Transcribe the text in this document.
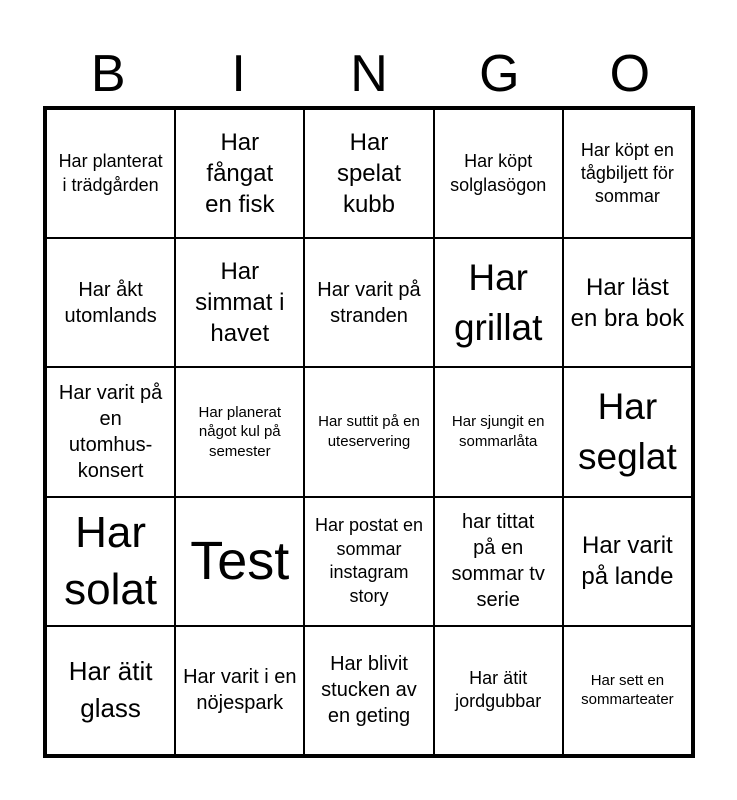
B	I	N	G	O
Har planterat i trädgården
Har fångat en fisk
Har spelat kubb
Har köpt solglasögon
Har köpt en tågbiljett för sommar
Har åkt utomlands
Har simmat i havet
Har varit på stranden
Har grillat
Har läst en bra bok
Har varit på en utomhus-konsert
Har planerat något kul på semester
Har suttit på en uteservering
Har sjungit en sommarlåta
Har seglat
Har solat Test
Har postat en sommar instagram story
har tittat på en sommar tv serie
Har varit på lande
Har ätit glass
Har varit i en nöjespark
Har blivit stucken av en geting
Har ätit jordgubbar
Har sett en sommarteater
